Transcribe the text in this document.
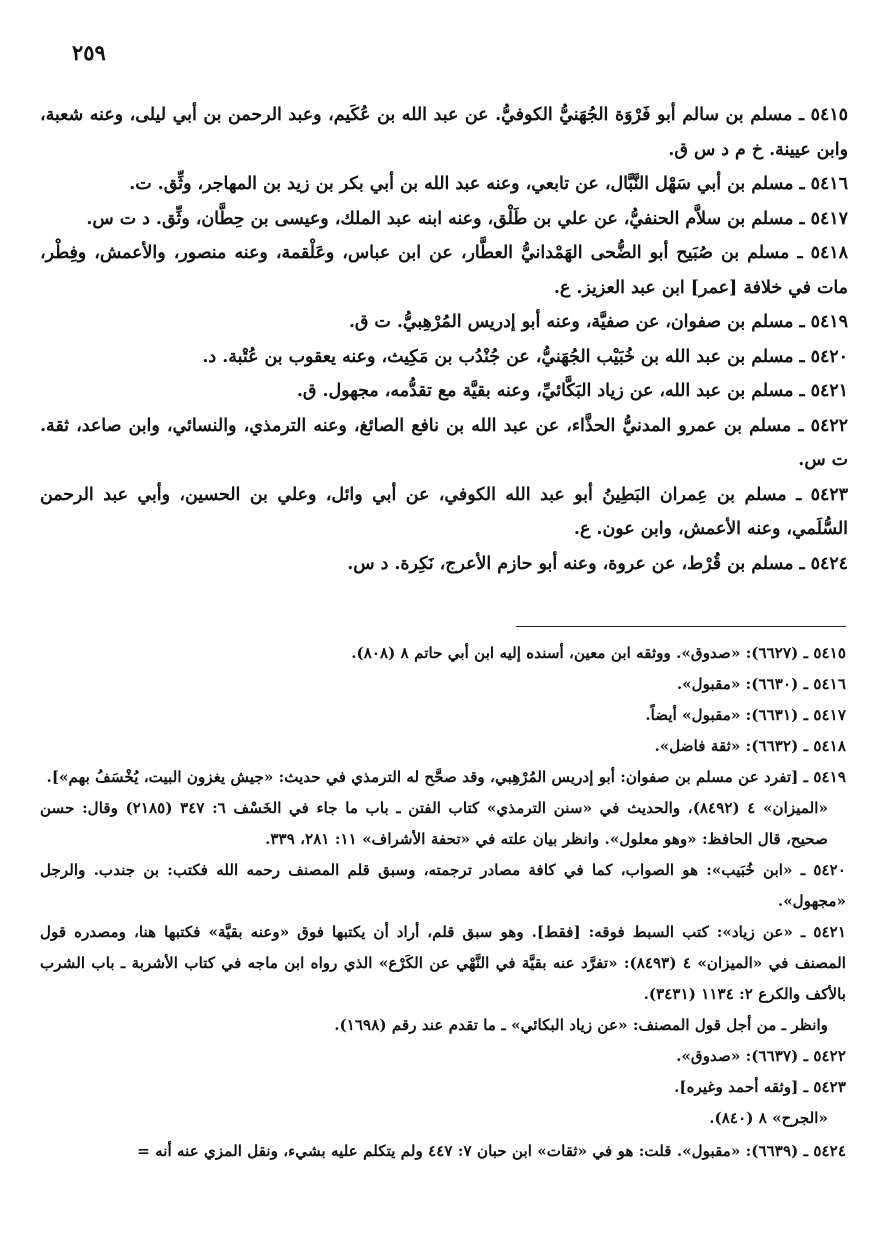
٢٥٩

٥٤١٥ ـ مسلم بن سالم أبو فَرْوَة الجُهَنيُّ الكوفيُّ. عن عبد الله بن عُكَيم، وعبد الرحمن بن أبي ليلى، وعنه شعبة، وابن عيينة. خ م د س ق.

٥٤١٦ ـ مسلم بن أبي سَهْل النَّبَّال، عن تابعي، وعنه عبد الله بن أبي بكر بن زيد بن المهاجر، وثِّق. ت.

٥٤١٧ ـ مسلم بن سلاَّم الحنفيُّ، عن علي بن طَلْق، وعنه ابنه عبد الملك، وعيسى بن حِطَّان، وثِّق. د ت س.

٥٤١٨ ـ مسلم بن صُبَيح أبو الضُّحى الهَمْدانيُّ العطَّار، عن ابن عباس، وعَلْقمة، وعنه منصور، والأعمش، وفِطْر، مات في خلافة [عمر] ابن عبد العزيز. ع.

٥٤١٩ ـ مسلم بن صفوان، عن صفيَّة، وعنه أبو إدريس المُرْهِبيُّ. ت ق.

٥٤٢٠ ـ مسلم بن عبد الله بن خُبَيْب الجُهَنيُّ، عن جُنْدُب بن مَكِيث، وعنه يعقوب بن عُتْبة. د.

٥٤٢١ ـ مسلم بن عبد الله، عن زياد البَكَّائيِّ، وعنه بقيَّة مع تقدُّمه، مجهول. ق.

٥٤٢٢ ـ مسلم بن عمرو المدنيُّ الحذَّاء، عن عبد الله بن نافع الصائغ، وعنه الترمذي، والنسائي، وابن صاعد، ثقة. ت س.

٥٤٢٣ ـ مسلم بن عِمران البَطِينُ أبو عبد الله الكوفي، عن أبي وائل، وعلي بن الحسين، وأبي عبد الرحمن السُّلَمي، وعنه الأعمش، وابن عون. ع.

٥٤٢٤ ـ مسلم بن قُرْط، عن عروة، وعنه أبو حازم الأعرج، نَكِرة. د س.

٥٤١٥ ـ (٦٦٢٧): «صدوق». ووثقه ابن معين، أسنده إليه ابن أبي حاتم ٨ (٨٠٨).

٥٤١٦ ـ (٦٦٣٠): «مقبول».

٥٤١٧ ـ (٦٦٣١): «مقبول» أيضاً.

٥٤١٨ ـ (٦٦٣٢): «ثقة فاضل».

٥٤١٩ ـ [تفرد عن مسلم بن صفوان: أبو إدريس المُرْهِبي، وقد صحَّح له الترمذي في حديث: «جيش يغزون البيت، يُخْسَفُ بهم»].

«الميزان» ٤ (٨٤٩٢)، والحديث في «سنن الترمذي» كتاب الفتن ـ باب ما جاء في الخَسْف ٦: ٣٤٧ (٢١٨٥) وقال: حسن صحيح، قال الحافظ: «وهو معلول». وانظر بيان علته في «تحفة الأشراف» ١١: ٢٨١، ٣٣٩.

٥٤٢٠ ـ «ابن خُبَيب»: هو الصواب، كما في كافة مصادر ترجمته، وسبق قلم المصنف رحمه الله فكتب: بن جندب. والرجل «مجهول».

٥٤٢١ ـ «عن زياد»: كتب السبط فوقه: [فقط]. وهو سبق قلم، أراد أن يكتبها فوق «وعنه بقيَّة» فكتبها هنا، ومصدره قول المصنف في «الميزان» ٤ (٨٤٩٣): «تفرَّد عنه بقيَّة في النَّهْي عن الكَرْع» الذي رواه ابن ماجه في كتاب الأشربة ـ باب الشرب بالأكف والكرع ٢: ١١٣٤ (٣٤٣١).

وانظر ـ من أجل قول المصنف: «عن زياد البكائي» ـ ما تقدم عند رقم (١٦٩٨).

٥٤٢٢ ـ (٦٦٣٧): «صدوق».

٥٤٢٣ ـ [وثقه أحمد وغيره].

«الجرح» ٨ (٨٤٠).

٥٤٢٤ ـ (٦٦٣٩): «مقبول». قلت: هو في «ثقات» ابن حبان ٧: ٤٤٧ ولم يتكلم عليه بشيء، ونقل المزي عنه أنه =
